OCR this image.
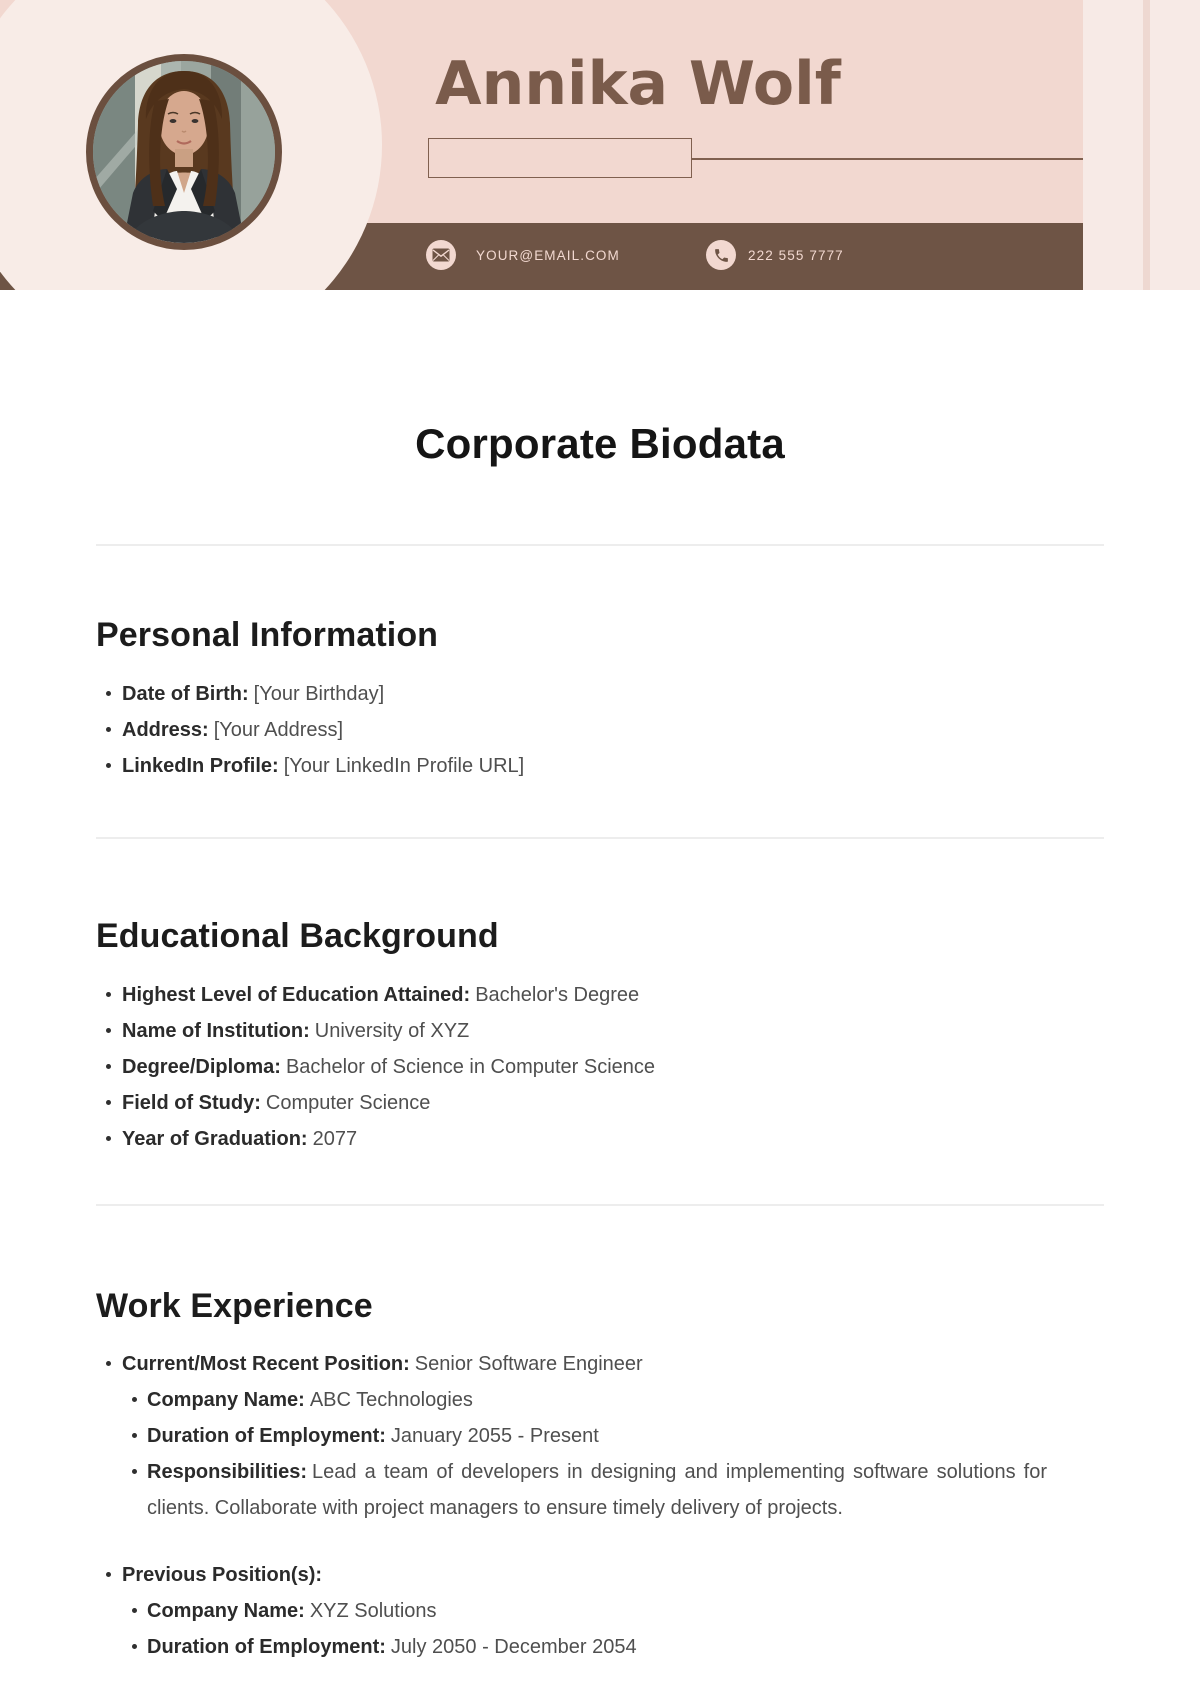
Annika Wolf
YOUR@EMAIL.COM	222 555 7777
Corporate Biodata
Personal Information
Date of Birth: [Your Birthday]
Address: [Your Address]
LinkedIn Profile: [Your LinkedIn Profile URL]
Educational Background
Highest Level of Education Attained: Bachelor's Degree
Name of Institution: University of XYZ
Degree/Diploma: Bachelor of Science in Computer Science
Field of Study: Computer Science
Year of Graduation: 2077
Work Experience
Current/Most Recent Position: Senior Software Engineer
Company Name: ABC Technologies
Duration of Employment: January 2055 - Present
Responsibilities: Lead a team of developers in designing and implementing software solutions for clients. Collaborate with project managers to ensure timely delivery of projects.
Previous Position(s):
Company Name: XYZ Solutions
Duration of Employment: July 2050 - December 2054
